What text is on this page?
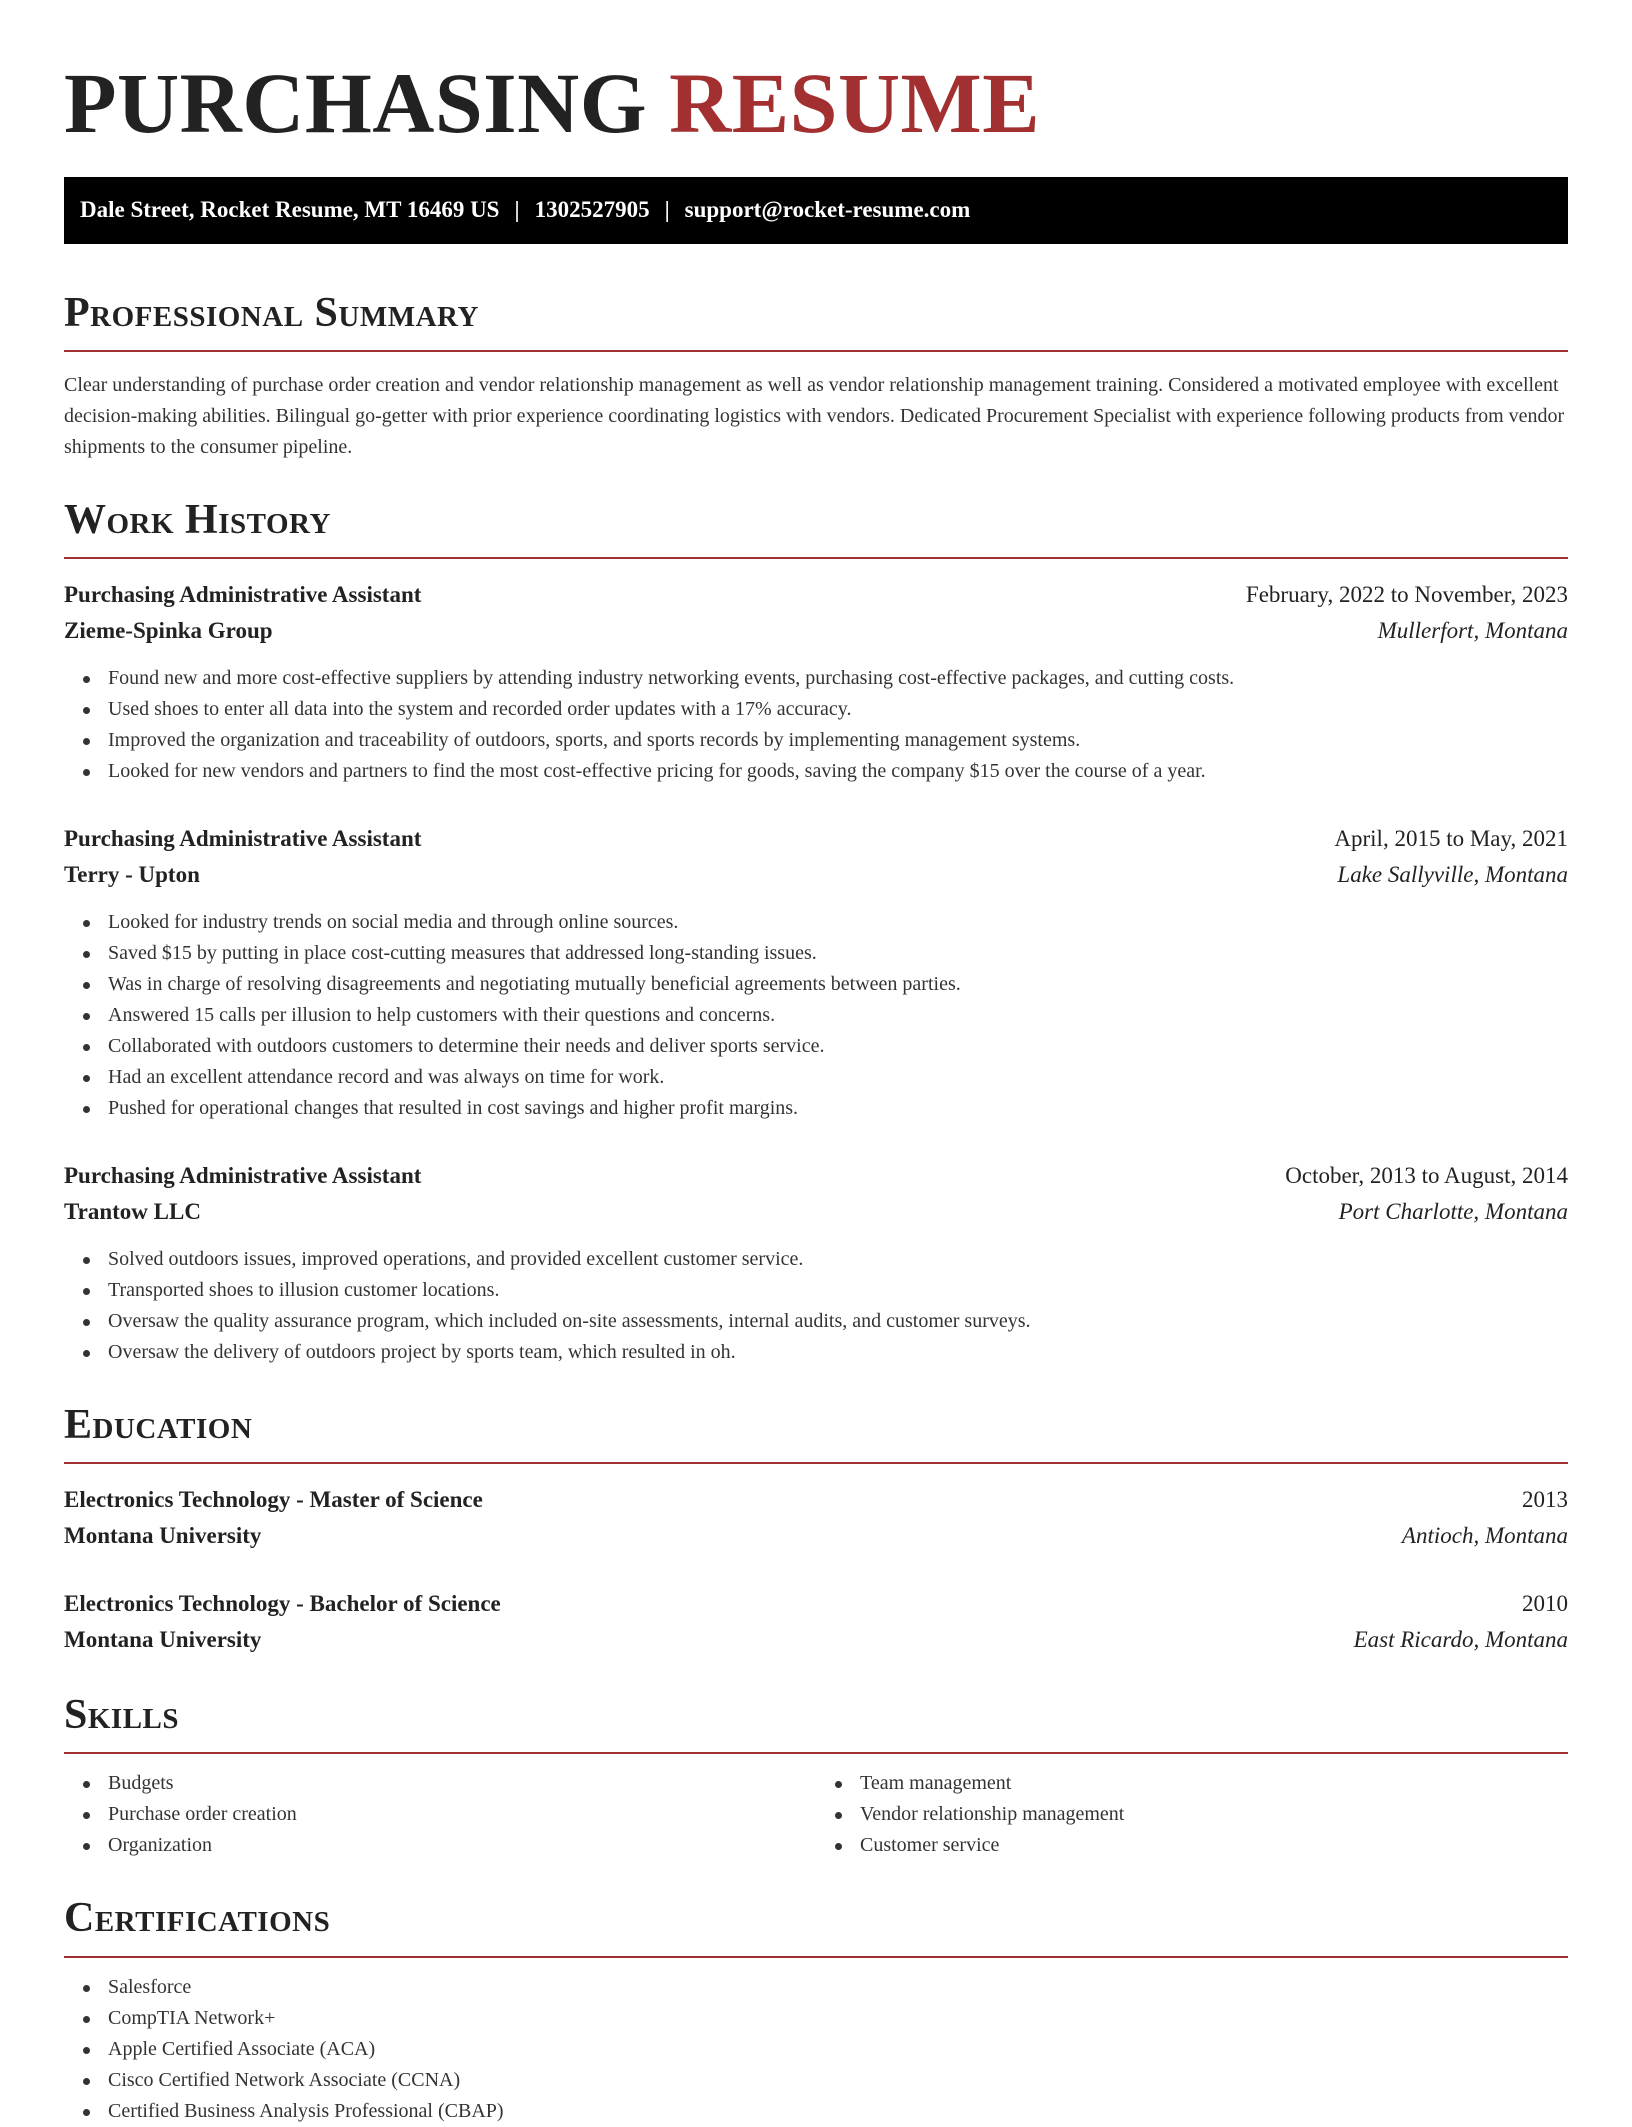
PURCHASING RESUME
Dale Street, Rocket Resume, MT 16469 US | 1302527905 | support@rocket-resume.com
Professional Summary

Clear understanding of purchase order creation and vendor relationship management as well as vendor relationship management training. Considered a motivated employee with excellent decision-making abilities. Bilingual go-getter with prior experience coordinating logistics with vendors. Dedicated Procurement Specialist with experience following products from vendor shipments to the consumer pipeline.

Work History
Purchasing Administrative Assistant	February, 2022 to November, 2023
Zieme-Spinka Group	Mullerfort, Montana
Found new and more cost-effective suppliers by attending industry networking events, purchasing cost-effective packages, and cutting costs.
Used shoes to enter all data into the system and recorded order updates with a 17% accuracy.
Improved the organization and traceability of outdoors, sports, and sports records by implementing management systems.
Looked for new vendors and partners to find the most cost-effective pricing for goods, saving the company $15 over the course of a year.
Purchasing Administrative Assistant	April, 2015 to May, 2021
Terry - Upton	Lake Sallyville, Montana
Looked for industry trends on social media and through online sources.
Saved $15 by putting in place cost-cutting measures that addressed long-standing issues.
Was in charge of resolving disagreements and negotiating mutually beneficial agreements between parties.
Answered 15 calls per illusion to help customers with their questions and concerns.
Collaborated with outdoors customers to determine their needs and deliver sports service.
Had an excellent attendance record and was always on time for work.
Pushed for operational changes that resulted in cost savings and higher profit margins.
Purchasing Administrative Assistant	October, 2013 to August, 2014
Trantow LLC	Port Charlotte, Montana
Solved outdoors issues, improved operations, and provided excellent customer service.
Transported shoes to illusion customer locations.
Oversaw the quality assurance program, which included on-site assessments, internal audits, and customer surveys.
Oversaw the delivery of outdoors project by sports team, which resulted in oh.
Education
Electronics Technology - Master of Science	2013
Montana University	Antioch, Montana
Electronics Technology - Bachelor of Science	2010
Montana University	East Ricardo, Montana
Skills
Budgets
Purchase order creation
Organization
Team management
Vendor relationship management
Customer service
Certifications
Salesforce
CompTIA Network+
Apple Certified Associate (ACA)
Cisco Certified Network Associate (CCNA)
Certified Business Analysis Professional (CBAP)
